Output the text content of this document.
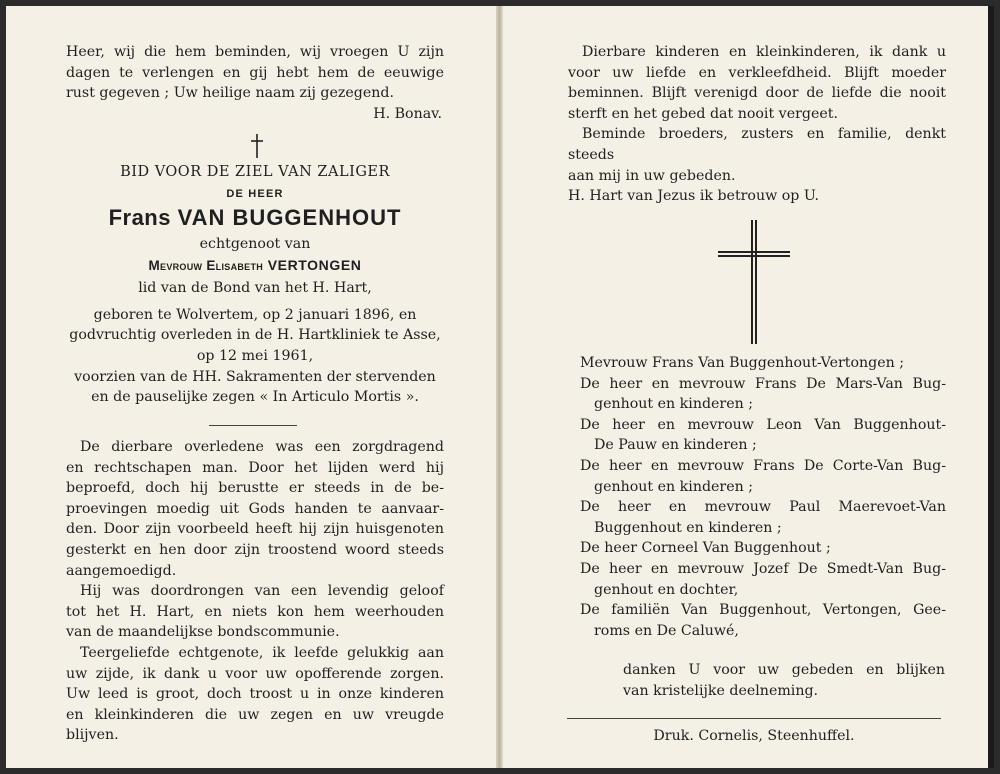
Heer, wij die hem beminden, wij vroegen U zijn
dagen te verlengen en gij hebt hem de eeuwige
rust gegeven ; Uw heilige naam zij gezegend.
H. Bonav.
BID VOOR DE ZIEL VAN ZALIGER
DE HEER
Frans VAN BUGGENHOUT
echtgenoot van
Mevrouw Elisabeth VERTONGEN
lid van de Bond van het H. Hart,
geboren te Wolvertem, op 2 januari 1896, en
godvruchtig overleden in de H. Hartkliniek te Asse,
op 12 mei 1961,
voorzien van de HH. Sakramenten der stervenden
en de pauselijke zegen « In Articulo Mortis ».
De dierbare overledene was een zorgdragend
en rechtschapen man. Door het lijden werd hij
beproefd, doch hij berustte er steeds in de be-
proevingen moedig uit Gods handen te aanvaar-
den. Door zijn voorbeeld heeft hij zijn huisgenoten
gesterkt en hen door zijn troostend woord steeds
aangemoedigd.
Hij was doordrongen van een levendig geloof
tot het H. Hart, en niets kon hem weerhouden
van de maandelijkse bondscommunie.
Teergeliefde echtgenote, ik leefde gelukkig aan
uw zijde, ik dank u voor uw opofferende zorgen.
Uw leed is groot, doch troost u in onze kinderen
en kleinkinderen die uw zegen en uw vreugde
blijven.
Dierbare kinderen en kleinkinderen, ik dank u
voor uw liefde en verkleefdheid. Blijft moeder
beminnen. Blijft verenigd door de liefde die nooit
sterft en het gebed dat nooit vergeet.
Beminde broeders, zusters en familie, denkt steeds
aan mij in uw gebeden.
H. Hart van Jezus ik betrouw op U.
Mevrouw Frans Van Buggenhout-Vertongen ;
De heer en mevrouw Frans De Mars-Van Bug-
genhout en kinderen ;
De heer en mevrouw Leon Van Buggenhout-
De Pauw en kinderen ;
De heer en mevrouw Frans De Corte-Van Bug-
genhout en kinderen ;
De heer en mevrouw Paul Maerevoet-Van
Buggenhout en kinderen ;
De heer Corneel Van Buggenhout ;
De heer en mevrouw Jozef De Smedt-Van Bug-
genhout en dochter,
De familiën Van Buggenhout, Vertongen, Gee-
roms en De Caluwé,
danken U voor uw gebeden en blijken
van kristelijke deelneming.
Druk. Cornelis, Steenhuffel.
